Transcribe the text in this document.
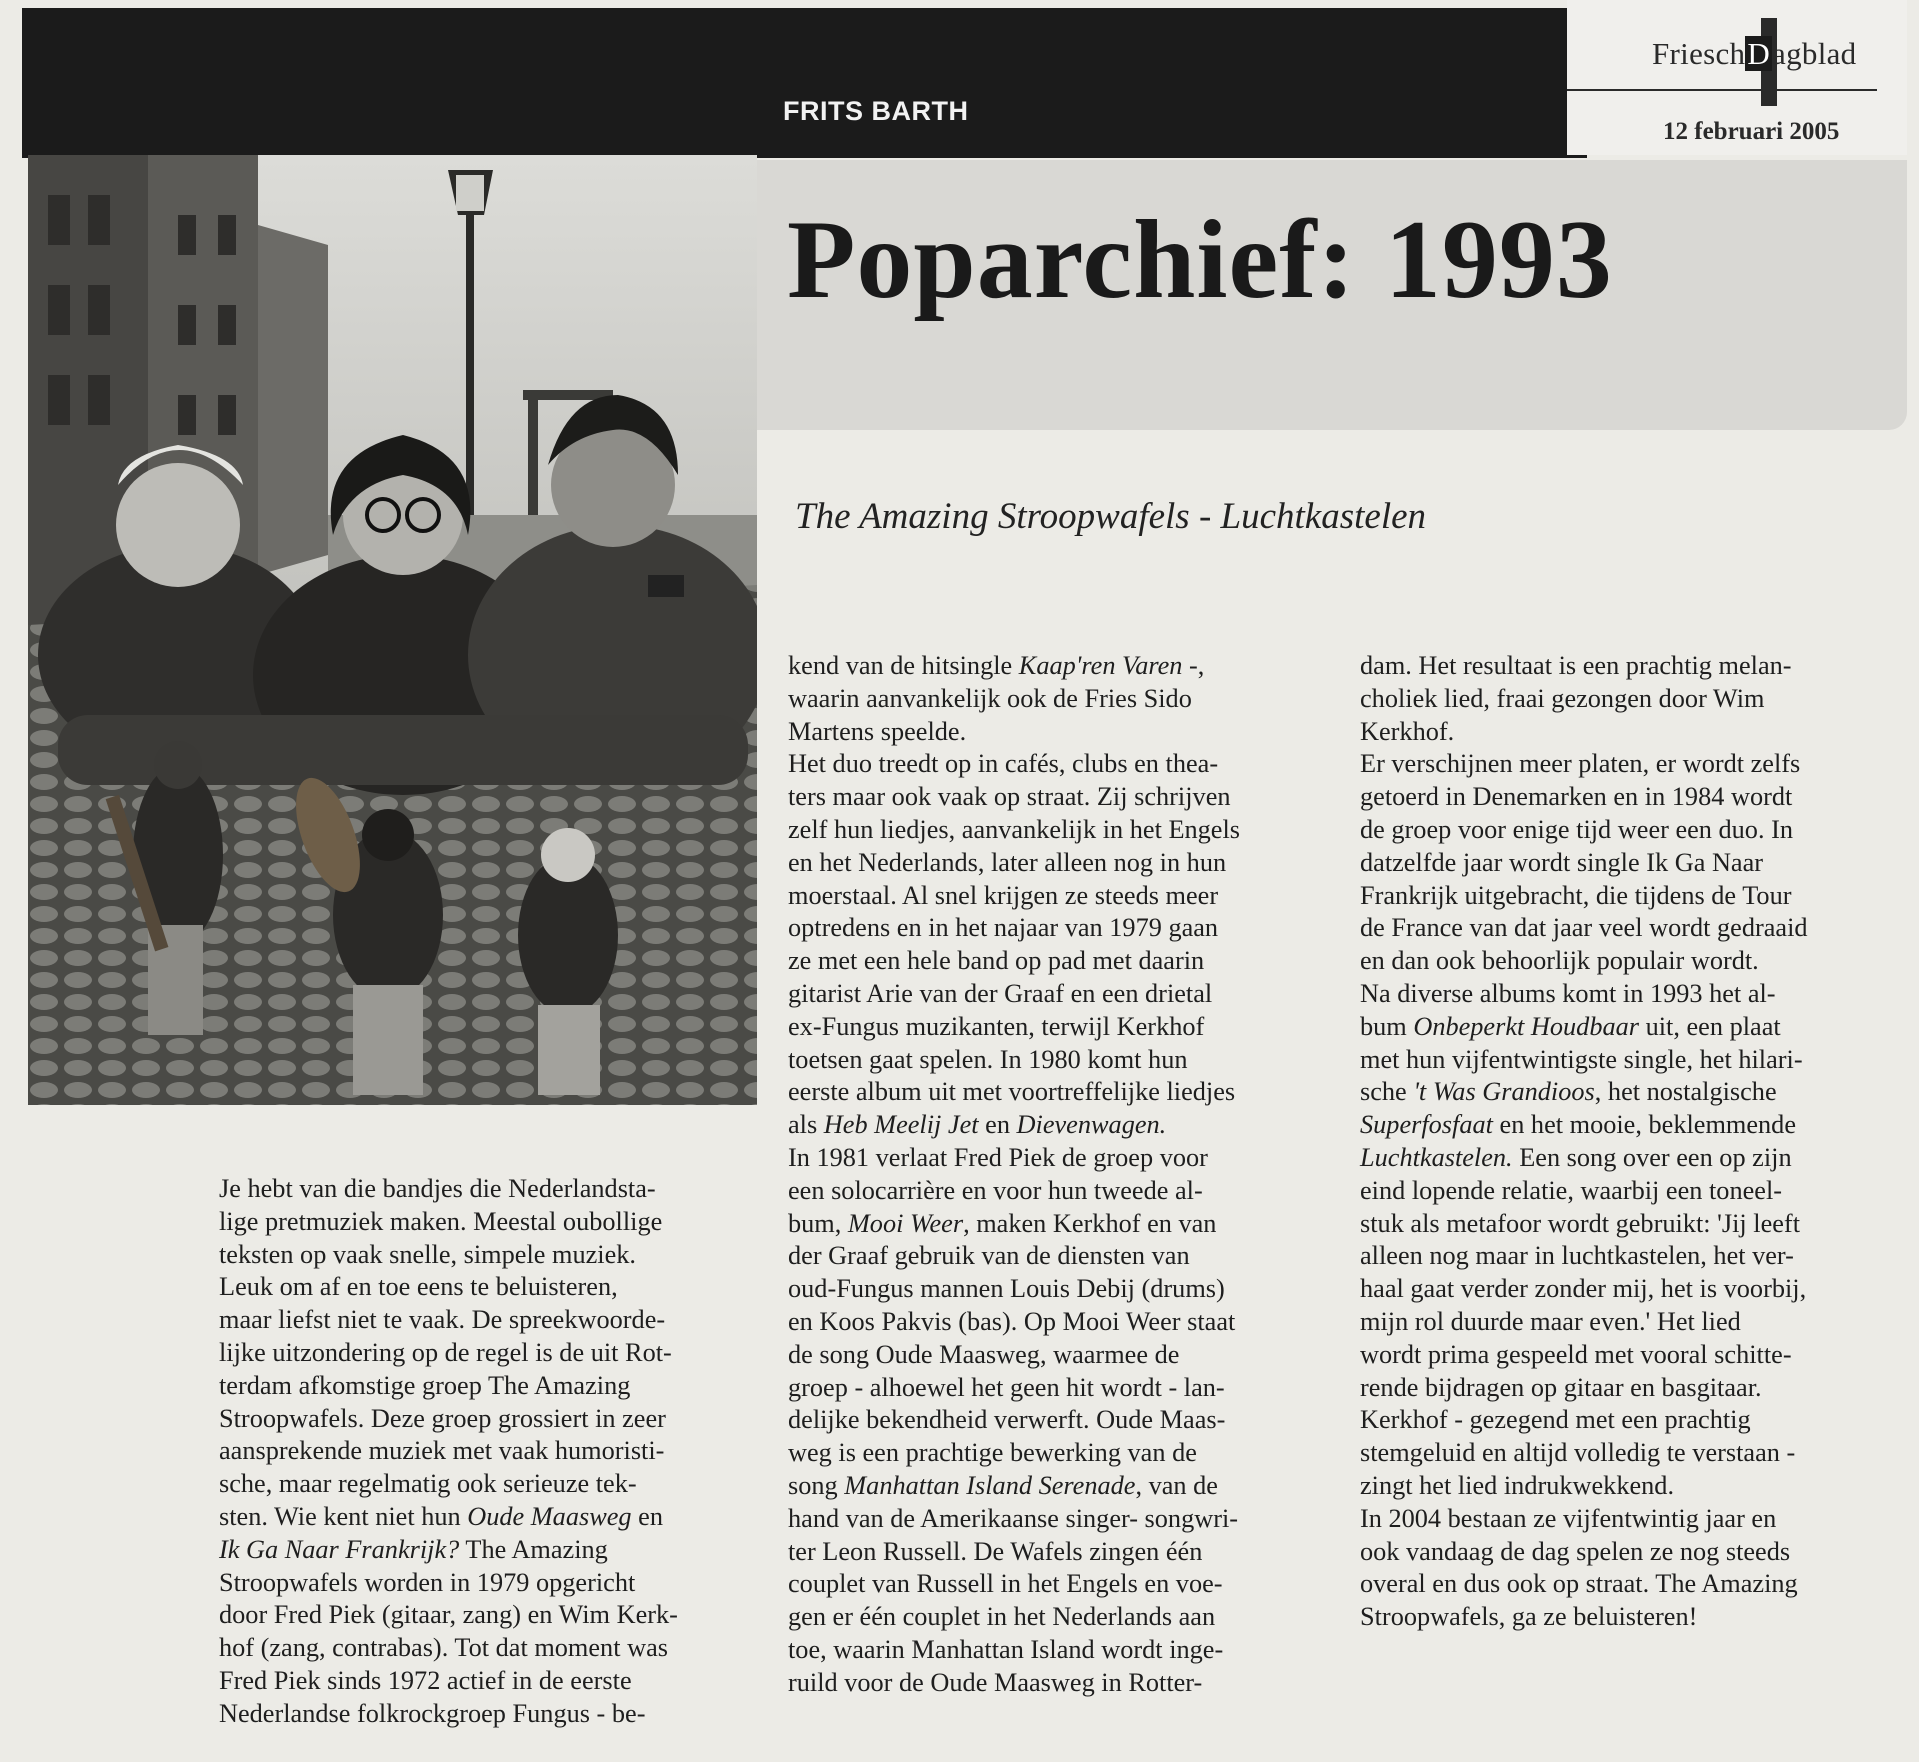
FRITS BARTH
FrieschDagblad
12 februari 2005
Poparchief: 1993
The Amazing Stroopwafels - Luchtkastelen

Je hebt van die bandjes die Nederlandsta-

lige pretmuziek maken. Meestal oubollige

teksten op vaak snelle, simpele muziek.

Leuk om af en toe eens te beluisteren,

maar liefst niet te vaak. De spreekwoorde-

lijke uitzondering op de regel is de uit Rot-

terdam afkomstige groep The Amazing

Stroopwafels. Deze groep grossiert in zeer

aansprekende muziek met vaak humoristi-

sche, maar regelmatig ook serieuze tek-

sten. Wie kent niet hun Oude Maasweg en

Ik Ga Naar Frankrijk? The Amazing

Stroopwafels worden in 1979 opgericht

door Fred Piek (gitaar, zang) en Wim Kerk-

hof (zang, contrabas). Tot dat moment was

Fred Piek sinds 1972 actief in de eerste

Nederlandse folkrockgroep Fungus - be-

kend van de hitsingle Kaap'ren Varen -,

waarin aanvankelijk ook de Fries Sido

Martens speelde.

Het duo treedt op in cafés, clubs en thea-

ters maar ook vaak op straat. Zij schrijven

zelf hun liedjes, aanvankelijk in het Engels

en het Nederlands, later alleen nog in hun

moerstaal. Al snel krijgen ze steeds meer

optredens en in het najaar van 1979 gaan

ze met een hele band op pad met daarin

gitarist Arie van der Graaf en een drietal

ex-Fungus muzikanten, terwijl Kerkhof

toetsen gaat spelen. In 1980 komt hun

eerste album uit met voortreffelijke liedjes

als Heb Meelij Jet en Dievenwagen.

In 1981 verlaat Fred Piek de groep voor

een solocarrière en voor hun tweede al-

bum, Mooi Weer, maken Kerkhof en van

der Graaf gebruik van de diensten van

oud-Fungus mannen Louis Debij (drums)

en Koos Pakvis (bas). Op Mooi Weer staat

de song Oude Maasweg, waarmee de

groep - alhoewel het geen hit wordt - lan-

delijke bekendheid verwerft. Oude Maas-

weg is een prachtige bewerking van de

song Manhattan Island Serenade, van de

hand van de Amerikaanse singer- songwri-

ter Leon Russell. De Wafels zingen één

couplet van Russell in het Engels en voe-

gen er één couplet in het Nederlands aan

toe, waarin Manhattan Island wordt inge-

ruild voor de Oude Maasweg in Rotter-

dam. Het resultaat is een prachtig melan-

choliek lied, fraai gezongen door Wim

Kerkhof.

Er verschijnen meer platen, er wordt zelfs

getoerd in Denemarken en in 1984 wordt

de groep voor enige tijd weer een duo. In

datzelfde jaar wordt single Ik Ga Naar

Frankrijk uitgebracht, die tijdens de Tour

de France van dat jaar veel wordt gedraaid

en dan ook behoorlijk populair wordt.

Na diverse albums komt in 1993 het al-

bum Onbeperkt Houdbaar uit, een plaat

met hun vijfentwintigste single, het hilari-

sche 't Was Grandioos, het nostalgische

Superfosfaat en het mooie, beklemmende

Luchtkastelen. Een song over een op zijn

eind lopende relatie, waarbij een toneel-

stuk als metafoor wordt gebruikt: 'Jij leeft

alleen nog maar in luchtkastelen, het ver-

haal gaat verder zonder mij, het is voorbij,

mijn rol duurde maar even.' Het lied

wordt prima gespeeld met vooral schitte-

rende bijdragen op gitaar en basgitaar.

Kerkhof - gezegend met een prachtig

stemgeluid en altijd volledig te verstaan -

zingt het lied indrukwekkend.

In 2004 bestaan ze vijfentwintig jaar en

ook vandaag de dag spelen ze nog steeds

overal en dus ook op straat. The Amazing

Stroopwafels, ga ze beluisteren!
